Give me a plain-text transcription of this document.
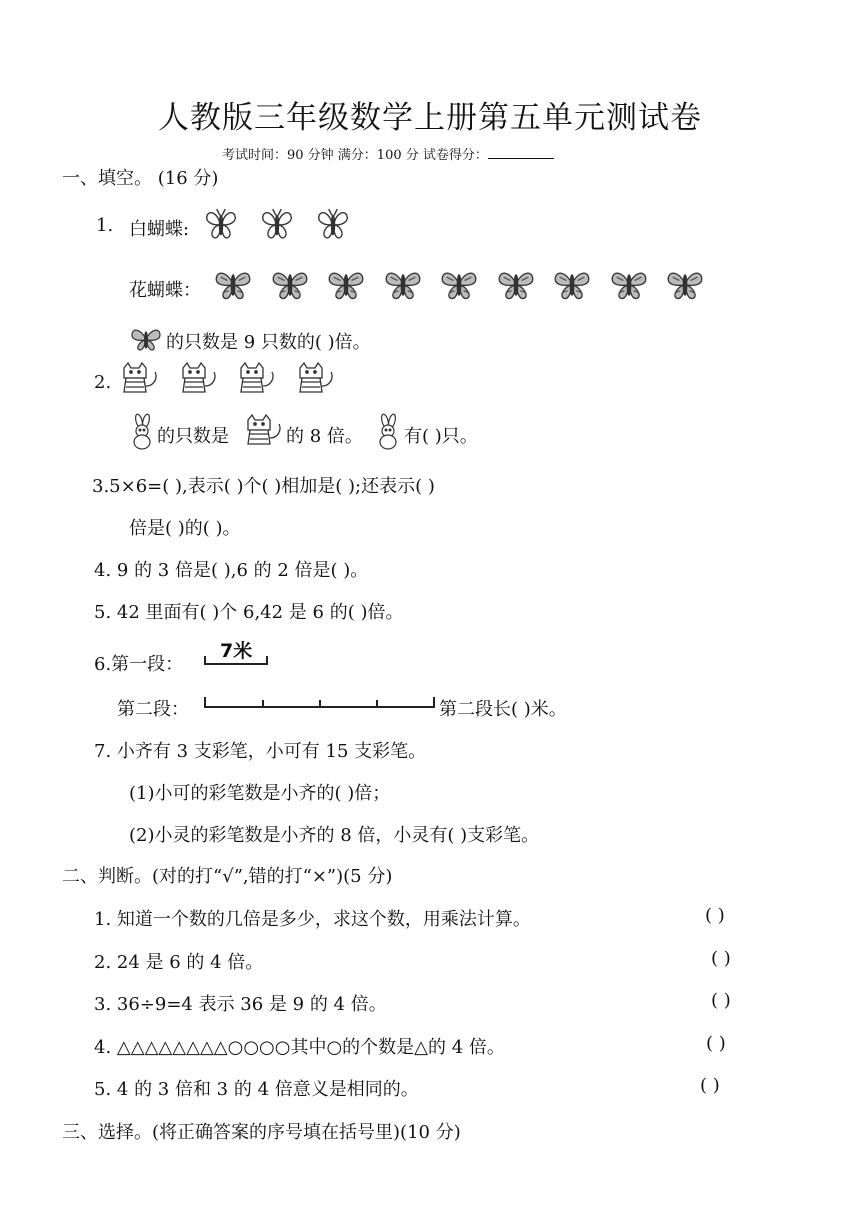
人教版三年级数学上册第五单元测试卷
考试时间：90 分钟 满分：100 分 试卷得分：
一、填空。 (16 分)
1. 白蝴蝶:
花蝴蝶：
的只数是 9 只数的( )倍。
2.
的只数是	的 8 倍。 有( )只。
3.5×6=( ),表示( )个( )相加是( );还表示( )
倍是( )的( )。
4. 9 的 3 倍是( ),6 的 2 倍是( )。
5. 42 里面有( )个 6,42 是 6 的( )倍。
6.第一段：
7米
第二段：	第二段长( )米。
7. 小齐有 3 支彩笔，小可有 15 支彩笔。
(1)小可的彩笔数是小齐的( )倍；
(2)小灵的彩笔数是小齐的 8 倍，小灵有( )支彩笔。
二、判断。(对的打“√”,错的打“×”)(5 分)
1. 知道一个数的几倍是多少，求这个数，用乘法计算。	( )
2. 24 是 6 的 4 倍。	( )
3. 36÷9=4 表示 36 是 9 的 4 倍。	( )
4. △△△△△△△△○○○○其中○的个数是△的 4 倍。	( )
5. 4 的 3 倍和 3 的 4 倍意义是相同的。	( )
三、选择。(将正确答案的序号填在括号里)(10 分)
